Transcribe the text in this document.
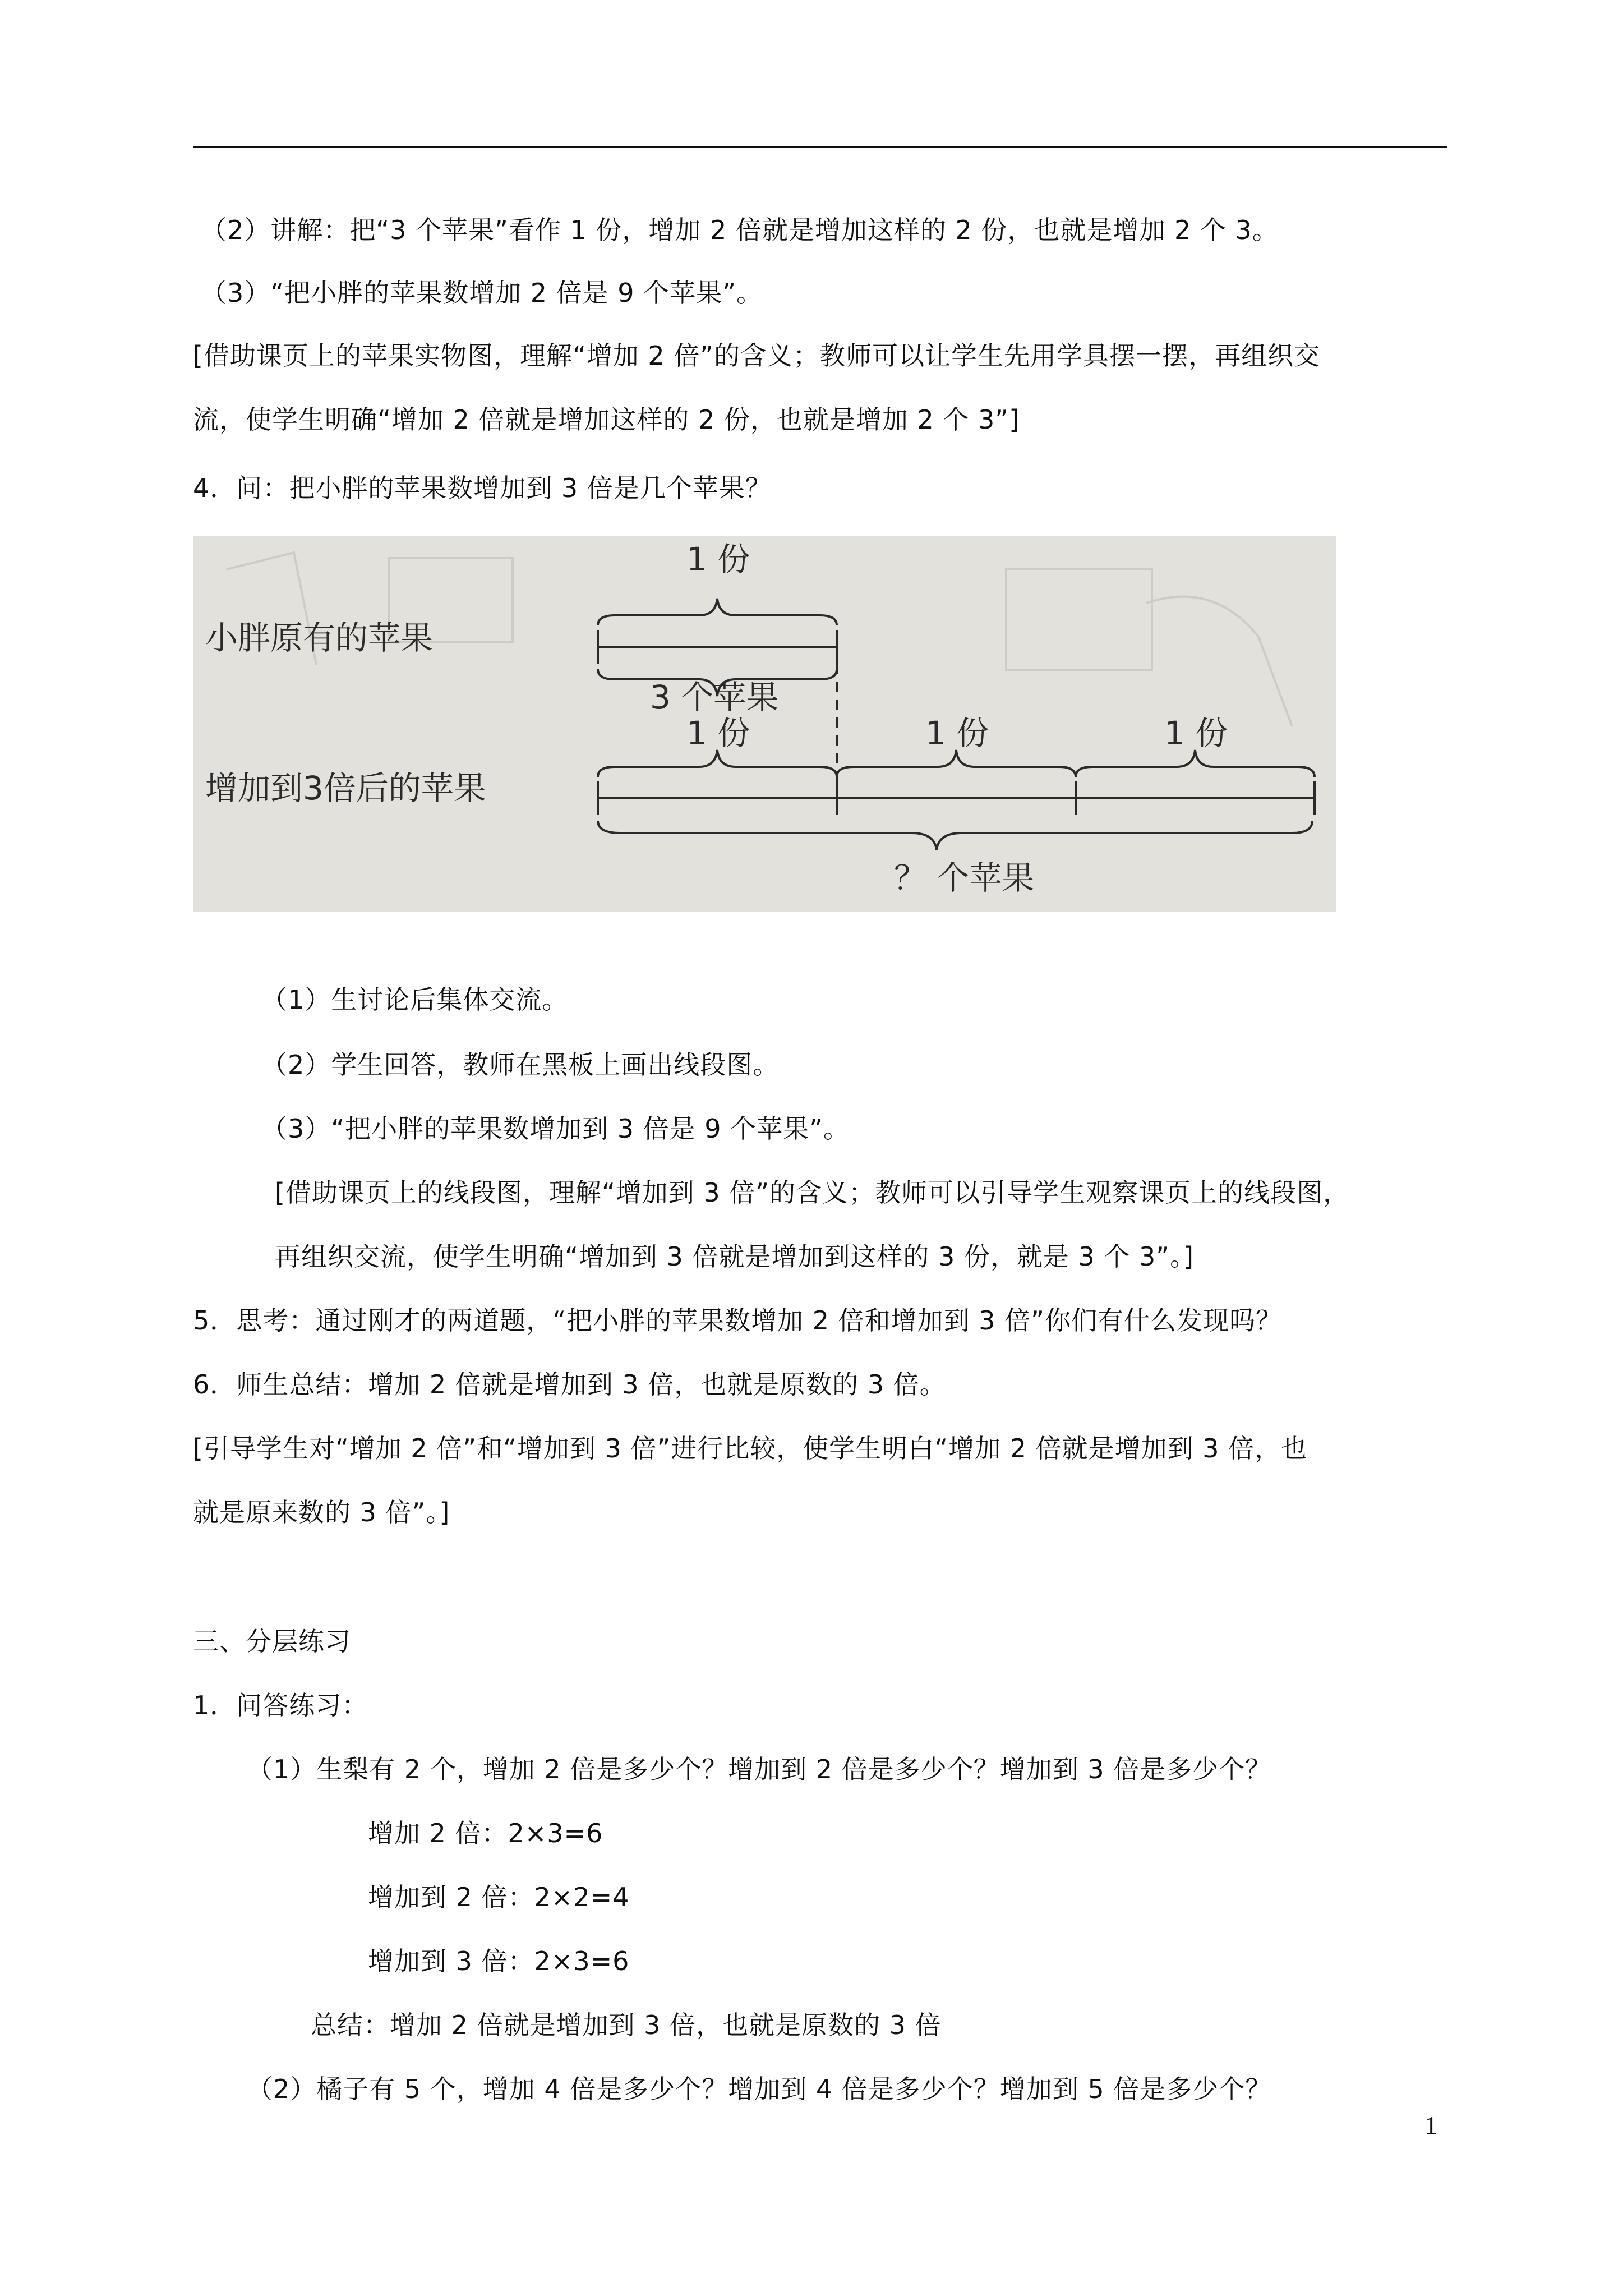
（2）讲解：把“3 个苹果”看作 1 份，增加 2 倍就是增加这样的 2 份，也就是增加 2 个 3。
（3）“把小胖的苹果数增加 2 倍是 9 个苹果”。
[借助课页上的苹果实物图，理解“增加 2 倍”的含义；教师可以让学生先用学具摆一摆，再组织交
流，使学生明确“增加 2 倍就是增加这样的 2 份，也就是增加 2 个 3”]
4．问：把小胖的苹果数增加到 3 倍是几个苹果？
小胖原有的苹果
1 份
3 个苹果
增加到3倍后的苹果
1 份	1 份	1 份
？ 个苹果
（1）生讨论后集体交流。
（2）学生回答，教师在黑板上画出线段图。
（3）“把小胖的苹果数增加到 3 倍是 9 个苹果”。
[借助课页上的线段图，理解“增加到 3 倍”的含义；教师可以引导学生观察课页上的线段图，
再组织交流，使学生明确“增加到 3 倍就是增加到这样的 3 份，就是 3 个 3”。]
5．思考：通过刚才的两道题，“把小胖的苹果数增加 2 倍和增加到 3 倍”你们有什么发现吗？
6．师生总结：增加 2 倍就是增加到 3 倍，也就是原数的 3 倍。
[引导学生对“增加 2 倍”和“增加到 3 倍”进行比较，使学生明白“增加 2 倍就是增加到 3 倍，也
就是原来数的 3 倍”。]
三、分层练习
1．问答练习：
（1）生梨有 2 个，增加 2 倍是多少个？增加到 2 倍是多少个？增加到 3 倍是多少个？
增加 2 倍：2×3=6
增加到 2 倍：2×2=4
增加到 3 倍：2×3=6
总结：增加 2 倍就是增加到 3 倍，也就是原数的 3 倍
（2）橘子有 5 个，增加 4 倍是多少个？增加到 4 倍是多少个？增加到 5 倍是多少个？
1
